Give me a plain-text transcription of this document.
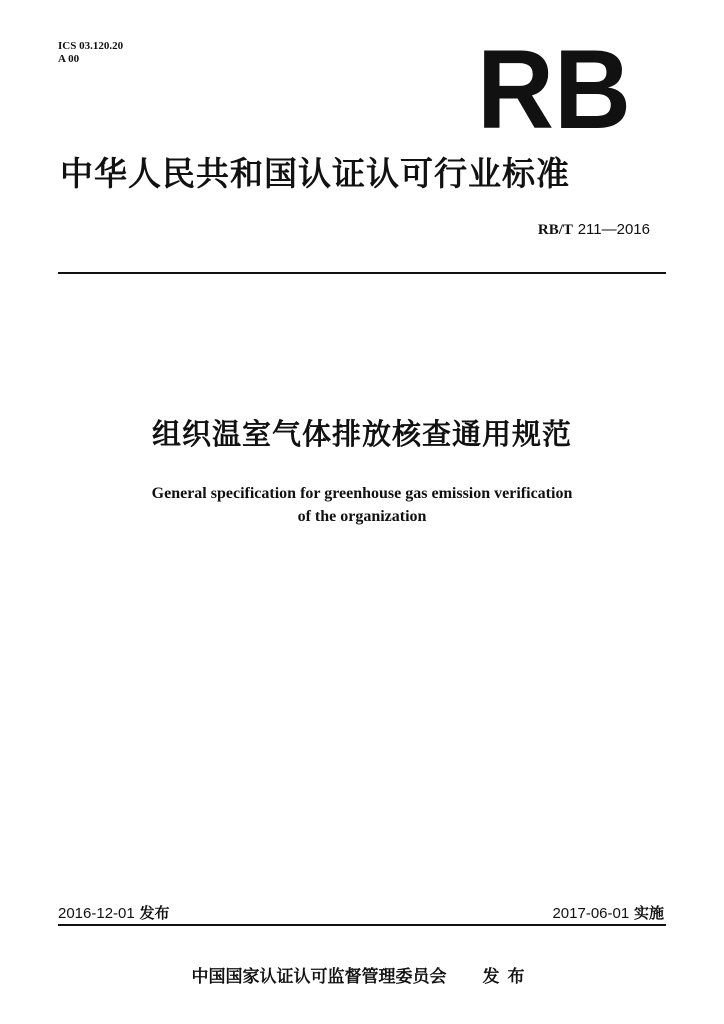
ICS 03.120.20
A 00	RB
中华人民共和国认证认可行业标准
RB/T 211—2016
组织温室气体排放核查通用规范
General specification for greenhouse gas emission verification
of the organization
2016-12-01 发布	2017-06-01 实施
中国国家认证认可监督管理委员会 发布
